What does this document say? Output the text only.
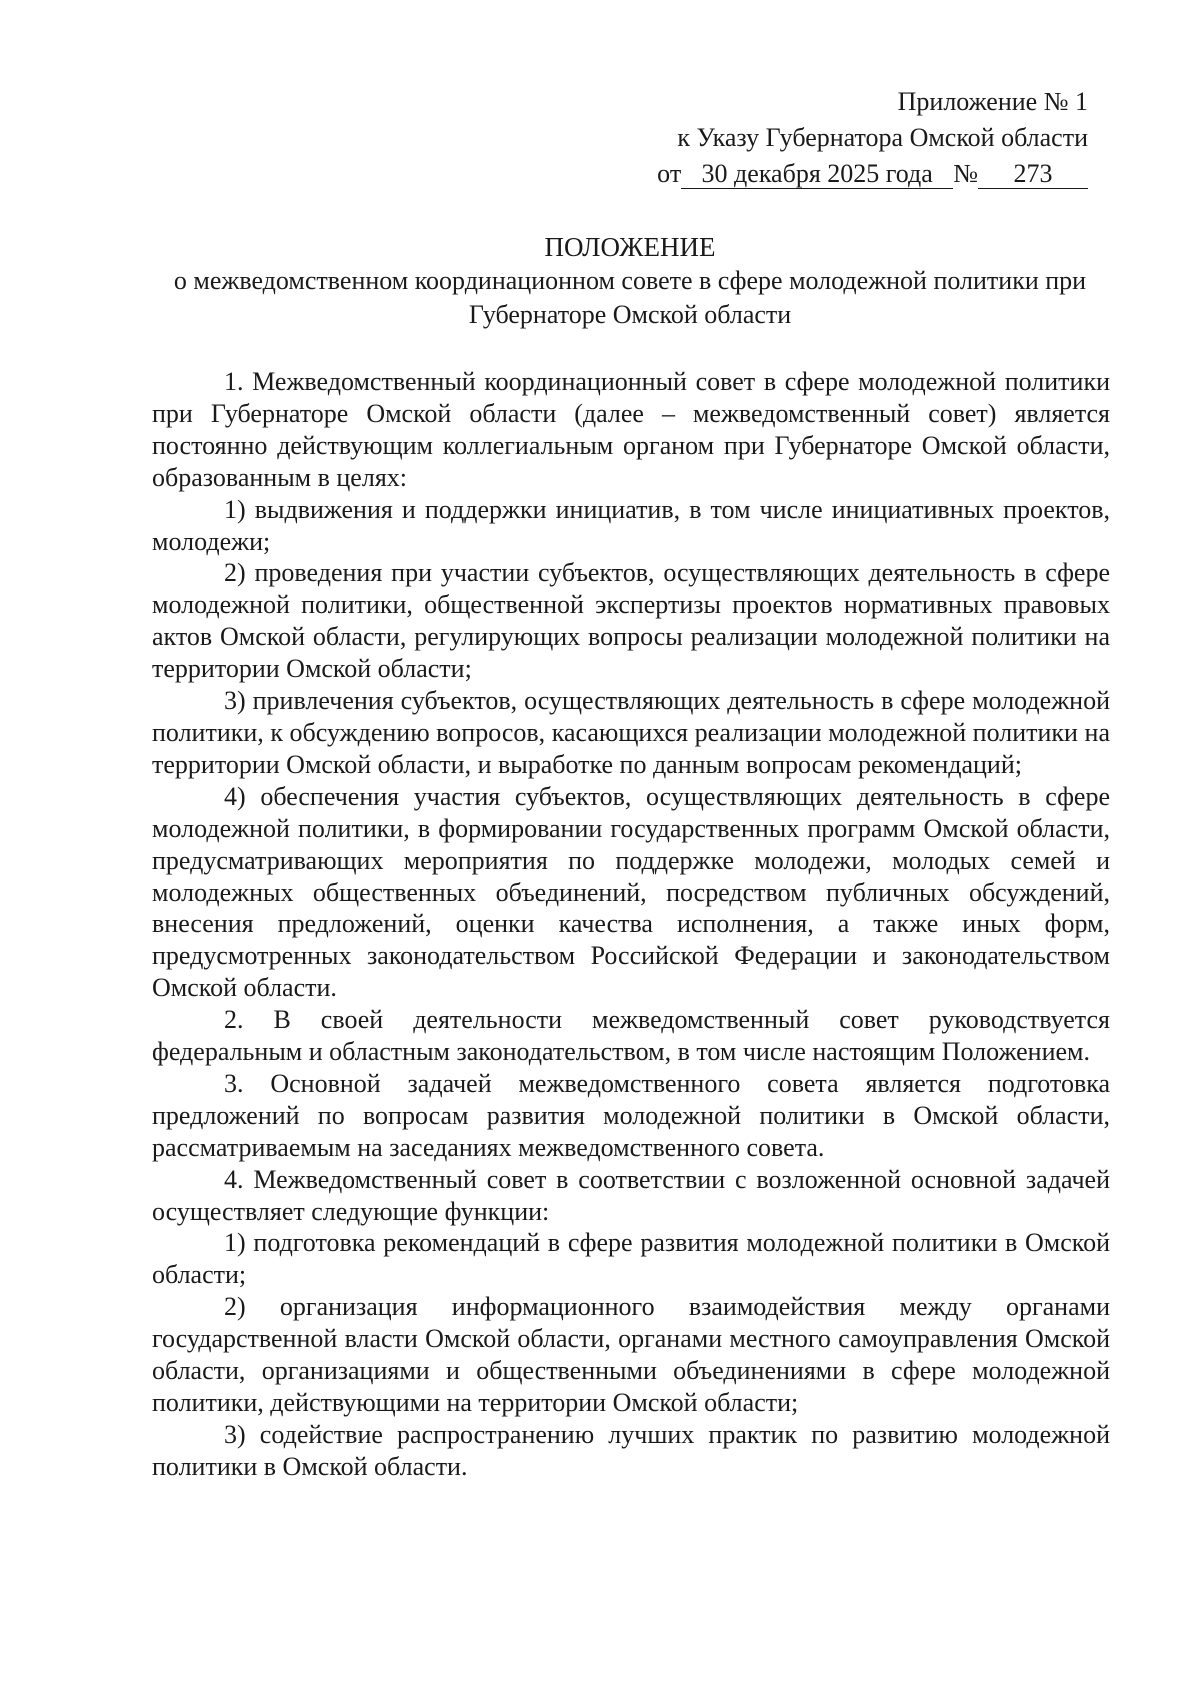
Приложение № 1
к Указу Губернатора Омской области
от 30 декабря 2025 года № 273
ПОЛОЖЕНИЕ
о межведомственном координационном совете в сфере молодежной политики при Губернаторе Омской области

1. Межведомственный координационный совет в сфере молодежной политики при Губернаторе Омской области (далее – межведомственный совет) является постоянно действующим коллегиальным органом при Губернаторе Омской области, образованным в целях:

1) выдвижения и поддержки инициатив, в том числе инициативных проектов, молодежи;

2) проведения при участии субъектов, осуществляющих деятельность в сфере молодежной политики, общественной экспертизы проектов нормативных правовых актов Омской области, регулирующих вопросы реализации молодежной политики на территории Омской области;

3) привлечения субъектов, осуществляющих деятельность в сфере молодежной политики, к обсуждению вопросов, касающихся реализации молодежной политики на территории Омской области, и выработке по данным вопросам рекомендаций;

4) обеспечения участия субъектов, осуществляющих деятельность в сфере молодежной политики, в формировании государственных программ Омской области, предусматривающих мероприятия по поддержке молодежи, молодых семей и молодежных общественных объединений, посредством публичных обсуждений, внесения предложений, оценки качества исполнения, а также иных форм, предусмотренных законодательством Российской Федерации и законодательством Омской области.

2. В своей деятельности межведомственный совет руководствуется федеральным и областным законодательством, в том числе настоящим Положением.

3. Основной задачей межведомственного совета является подготовка предложений по вопросам развития молодежной политики в Омской области, рассматриваемым на заседаниях межведомственного совета.

4. Межведомственный совет в соответствии с возложенной основной задачей осуществляет следующие функции:

1) подготовка рекомендаций в сфере развития молодежной политики в Омской области;

2) организация информационного взаимодействия между органами государственной власти Омской области, органами местного самоуправления Омской области, организациями и общественными объединениями в сфере молодежной политики, действующими на территории Омской области;

3) содействие распространению лучших практик по развитию молодежной политики в Омской области.
